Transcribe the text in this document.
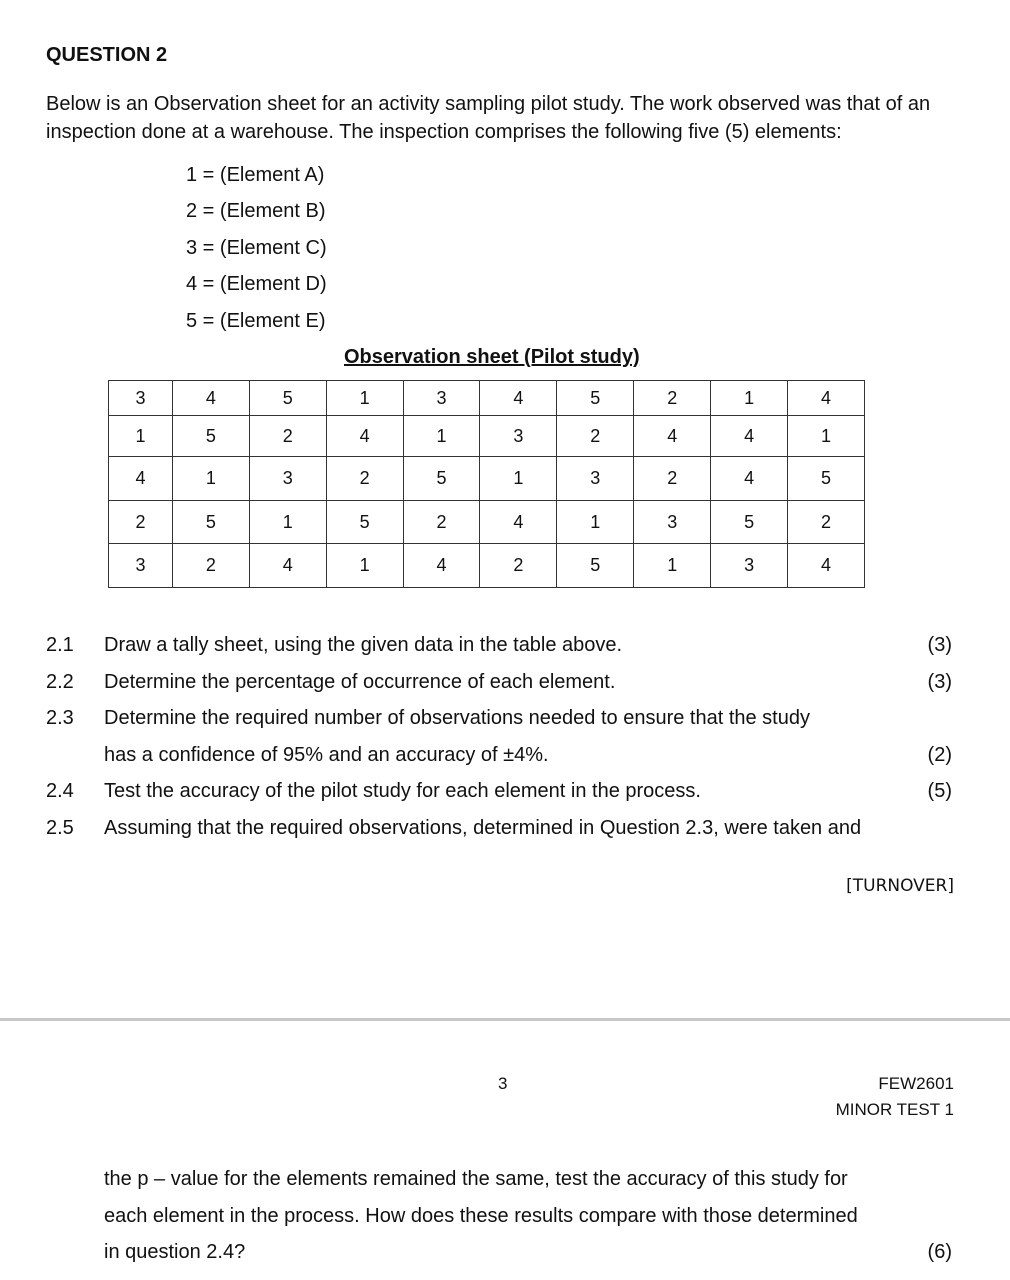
QUESTION 2
Below is an Observation sheet for an activity sampling pilot study. The work observed was that of an inspection done at a warehouse. The inspection comprises the following five (5) elements:
1 = (Element A)
2 = (Element B)
3 = (Element C)
4 = (Element D)
5 = (Element E)
Observation sheet (Pilot study)
3	4	5	1	3	4	5	2	1	4
1	5	2	4	1	3	2	4	4	1
4	1	3	2	5	1	3	2	4	5
2	5	1	5	2	4	1	3	5	2
3	2	4	1	4	2	5	1	3	4
2.1 Draw a tally sheet, using the given data in the table above.	(3)
2.2 Determine the percentage of occurrence of each element.	(3)
2.3 Determine the required number of observations needed to ensure that the study
has a confidence of 95% and an accuracy of ±4%.	(2)
2.4 Test the accuracy of the pilot study for each element in the process.	(5)
2.5 Assuming that the required observations, determined in Question 2.3, were taken and
[TURNOVER]
3	FEW2601
MINOR TEST 1
the p – value for the elements remained the same, test the accuracy of this study for
each element in the process. How does these results compare with those determined
in question 2.4?	(6)
